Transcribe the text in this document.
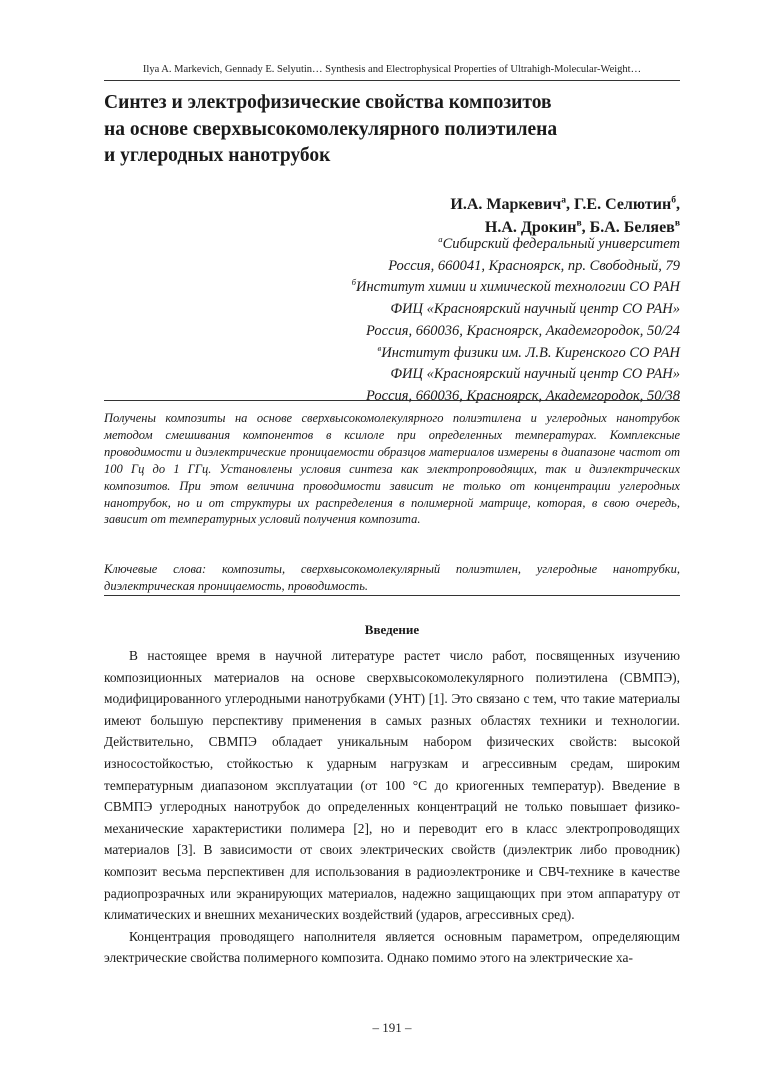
Ilya A. Markevich, Gennady E. Selyutin… Synthesis and Electrophysical Properties of Ultrahigh-Molecular-Weight…
Синтез и электрофизические свойства композитов
на основе сверхвысокомолекулярного полиэтилена
и углеродных нанотрубок
И.А. Маркевич$^а$, Г.Е. Селютин$^б$,
Н.А. Дрокин$^в$, Б.А. Беляев$^в$
$^а$Сибирский федеральный университет
Россия, 660041, Красноярск, пр. Свободный, 79
$^б$Институт химии и химической технологии СО РАН
ФИЦ «Красноярский научный центр СО РАН»
Россия, 660036, Красноярск, Академгородок, 50/24
$^в$Институт физики им. Л.В. Киренского СО РАН
ФИЦ «Красноярский научный центр СО РАН»
Россия, 660036, Красноярск, Академгородок, 50/38
Получены композиты на основе сверхвысокомолекулярного полиэтилена и углеродных нанотрубок методом смешивания компонентов в ксилоле при определенных температурах. Комплексные проводимости и диэлектрические проницаемости образцов материалов измерены в диапазоне частот от 100 Гц до 1 ГГц. Установлены условия синтеза как электропроводящих, так и диэлектрических композитов. При этом величина проводимости зависит не только от концентрации углеродных нанотрубок, но и от структуры их распределения в полимерной матрице, которая, в свою очередь, зависит от температурных условий получения композита.
Ключевые слова: композиты, сверхвысокомолекулярный полиэтилен, углеродные нанотрубки, диэлектрическая проницаемость, проводимость.
Введение

В настоящее время в научной литературе растет число работ, посвященных изучению композиционных материалов на основе сверхвысокомолекулярного полиэтилена (СВМПЭ), модифицированного углеродными нанотрубками (УНТ) [1]. Это связано с тем, что такие материалы имеют большую перспективу применения в самых разных областях техники и технологии. Действительно, СВМПЭ обладает уникальным набором физических свойств: высокой износостойкостью, стойкостью к ударным нагрузкам и агрессивным средам, широким температурным диапазоном эксплуатации (от 100 °С до криогенных температур). Введение в СВМПЭ углеродных нанотрубок до определенных концентраций не только повышает физико-механические характеристики полимера [2], но и переводит его в класс электропроводящих материалов [3]. В зависимости от своих электрических свойств (диэлектрик либо проводник) композит весьма перспективен для использования в радиоэлектронике и СВЧ-технике в качестве радиопрозрачных или экранирующих материалов, надежно защищающих при этом аппаратуру от климатических и внешних механических воздействий (ударов, агрессивных сред).

Концентрация проводящего наполнителя является основным параметром, определяющим электрические свойства полимерного композита. Однако помимо этого на электрические ха-

– 191 –
